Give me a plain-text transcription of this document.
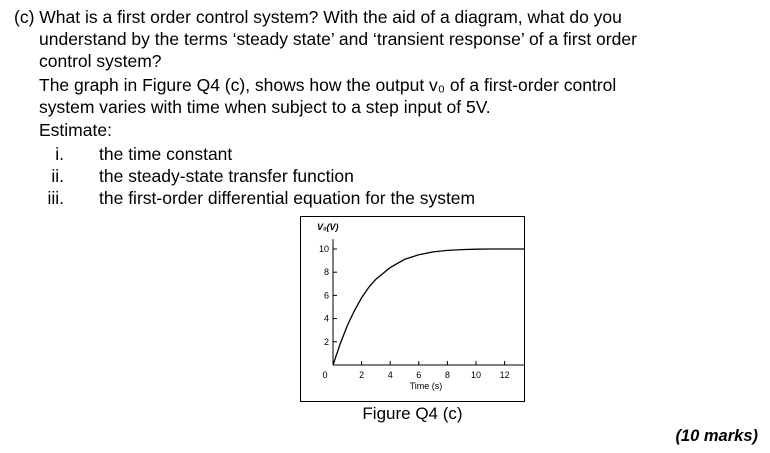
(c) What is a first order control system? With the aid of a diagram, what do you
understand by the terms ‘steady state’ and ‘transient response’ of a first order
control system?
The graph in Figure Q4 (c), shows how the output v₀ of a first-order control
system varies with time when subject to a step input of 5V.
Estimate:
i. the time constant
ii. the steady-state transfer function
iii. the first-order differential equation for the system
2
4
6
8
10
0	2	4	6	8 10 12
V₀(V)
Time (s)
Figure Q4 (c)
(10 marks)
